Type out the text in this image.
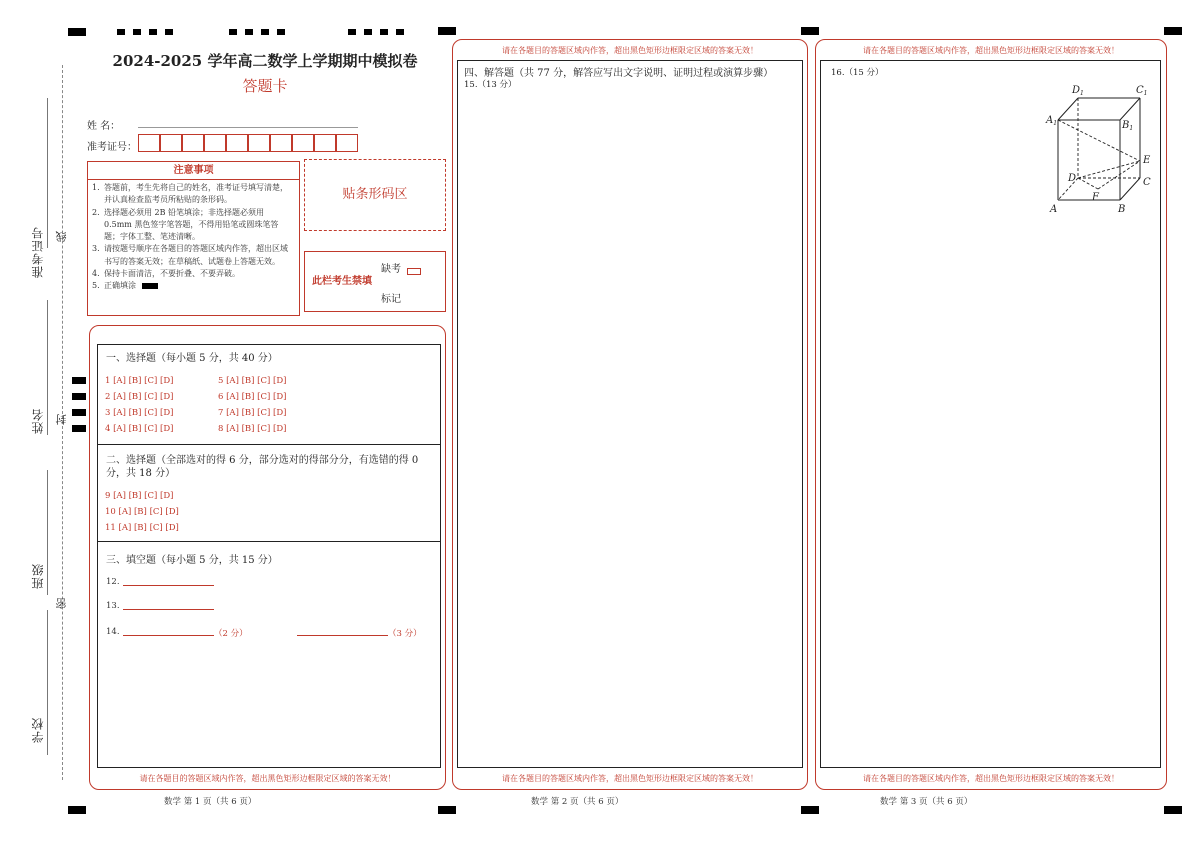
准考证号 线
姓名 封
班级
密
学校
2024-2025 学年高二数学上学期期中模拟卷
答题卡
姓 名：
准考证号：
注意事项
1. 答题前，考生先将自己的姓名，准考证号填写清楚，并认真检查监考员所粘贴的条形码。
2. 选择题必须用 2B 铅笔填涂；非选择题必须用 0.5mm 黑色签字笔答题，不得用铅笔或圆珠笔答题；字体工整、笔迹清晰。
3. 请按题号顺序在各题目的答题区域内作答，超出区域书写的答案无效；在草稿纸、试题卷上答题无效。
4. 保持卡面清洁，不要折叠、不要弄破。
5. 正确填涂
贴条形码区
此栏考生禁填
缺考
标记
一、选择题（每小题 5 分，共 40 分）
1 [A] [B] [C] [D]
2 [A] [B] [C] [D]
3 [A] [B] [C] [D]
4 [A] [B] [C] [D]
5 [A] [B] [C] [D]
6 [A] [B] [C] [D]
7 [A] [B] [C] [D]
8 [A] [B] [C] [D]
二、选择题（全部选对的得 6 分，部分选对的得部分分，有选错的得 0
分，共 18 分）
9 [A] [B] [C] [D]
10 [A] [B] [C] [D]
11 [A] [B] [C] [D]
三、填空题（每小题 5 分，共 15 分）
12.
13.
14.	（2 分）	（3 分）
请在各题目的答题区域内作答，超出黑色矩形边框限定区域的答案无效！
请在各题目的答题区域内作答，超出黑色矩形边框限定区域的答案无效！
四、解答题（共 77 分，解答应写出文字说明、证明过程或演算步骤）
15.（13 分）
请在各题目的答题区域内作答，超出黑色矩形边框限定区域的答案无效！
请在各题目的答题区域内作答，超出黑色矩形边框限定区域的答案无效！
16.（15 分）
请在各题目的答题区域内作答，超出黑色矩形边框限定区域的答案无效！
$D_1$	$C_1$
$A_1$	$B_1$
E
D	C
F
A	B
数学 第 1 页（共 6 页）	数学 第 2 页（共 6 页）	数学 第 3 页（共 6 页）
